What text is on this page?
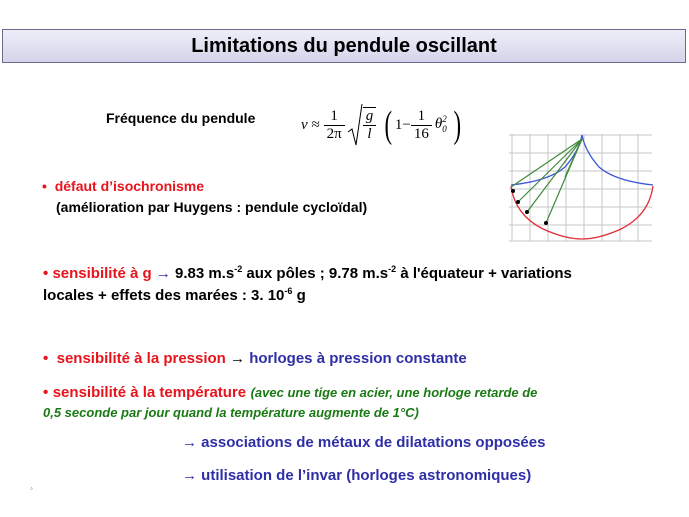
Limitations du pendule oscillant
Fréquence du pendule	$\nu \approx \frac{1}{2\pi} \frac{g}{l}$ ( $1- \frac{1}{16}$ θ 2
0 )
• défaut d’isochronisme
(amélioration par Huygens : pendule cycloïdal)
• sensibilité à g → 9.83 $m.s^{-2}$ aux pôles ; 9.78 $m.s^{-2}$ à l'équateur + variations
locales + effets des marées : 3. $10^{-6}$ g
• sensibilité à la pression → horloges à pression constante
• sensibilité à la température (avec une tige en acier, une horloge retarde de
0,5 seconde par jour quand la température augmente de 1°C)
→ associations de métaux de dilatations opposées
→ utilisation de l’invar (horloges astronomiques)
◦
